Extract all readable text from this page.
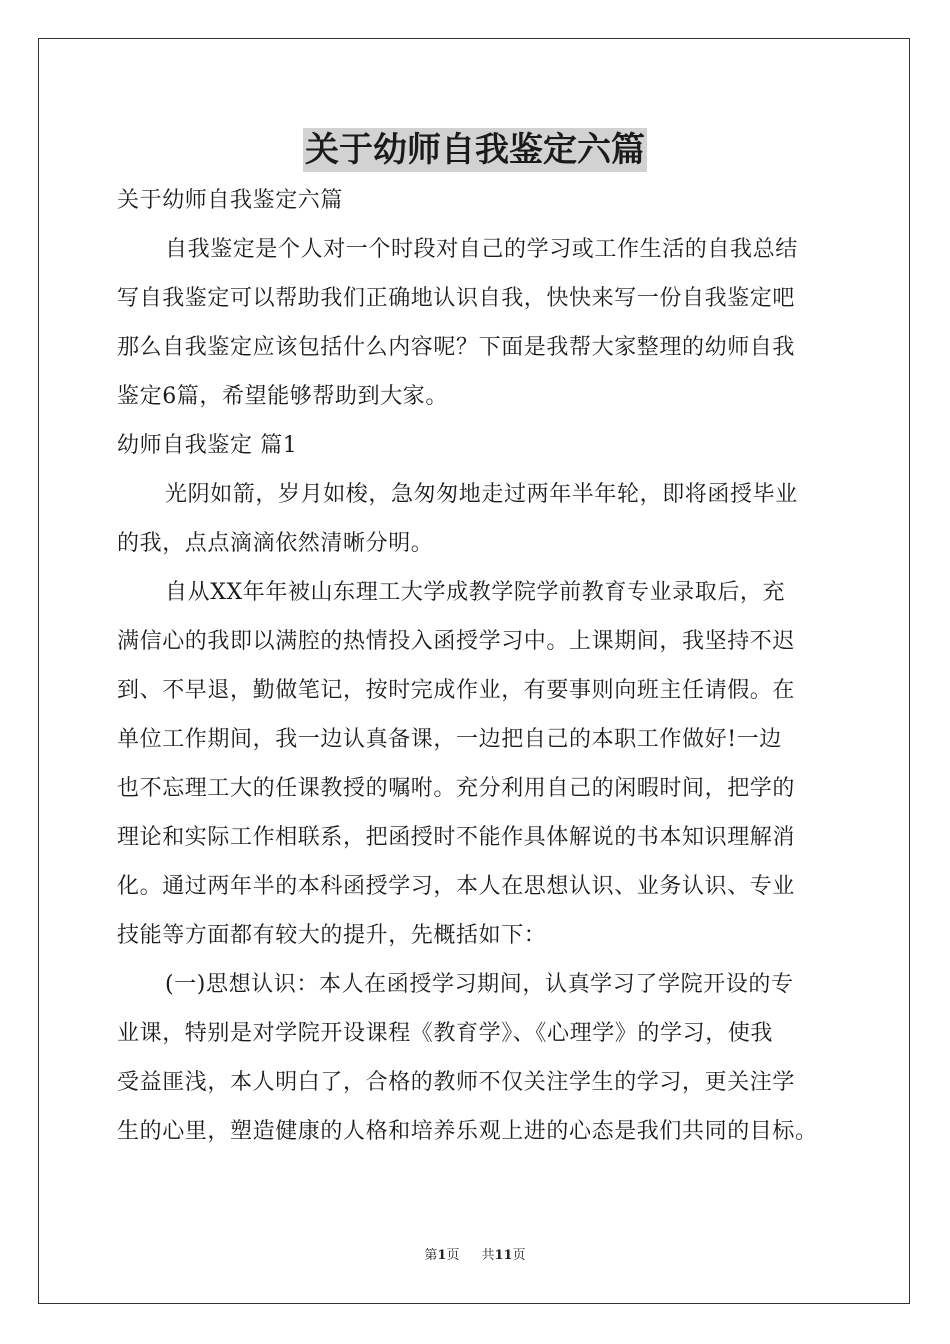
关于幼师自我鉴定六篇
关于幼师自我鉴定六篇
自我鉴定是个人对一个时段对自己的学习或工作生活的自我总结
写自我鉴定可以帮助我们正确地认识自我，快快来写一份自我鉴定吧
那么自我鉴定应该包括什么内容呢？下面是我帮大家整理的幼师自我
鉴定6篇，希望能够帮助到大家。
幼师自我鉴定 篇1
光阴如箭，岁月如梭，急匆匆地走过两年半年轮，即将函授毕业
的我，点点滴滴依然清晰分明。
自从XX年年被山东理工大学成教学院学前教育专业录取后，充
满信心的我即以满腔的热情投入函授学习中。上课期间，我坚持不迟
到、不早退，勤做笔记，按时完成作业，有要事则向班主任请假。在
单位工作期间，我一边认真备课，一边把自己的本职工作做好!一边
也不忘理工大的任课教授的嘱咐。充分利用自己的闲暇时间，把学的
理论和实际工作相联系，把函授时不能作具体解说的书本知识理解消
化。通过两年半的本科函授学习，本人在思想认识、业务认识、专业
技能等方面都有较大的提升，先概括如下：
(一)思想认识：本人在函授学习期间，认真学习了学院开设的专
业课，特别是对学院开设课程《教育学》、《心理学》的学习，使我
受益匪浅，本人明白了，合格的教师不仅关注学生的学习，更关注学
生的心里，塑造健康的人格和培养乐观上进的心态是我们共同的目标。
第1页 共11页
